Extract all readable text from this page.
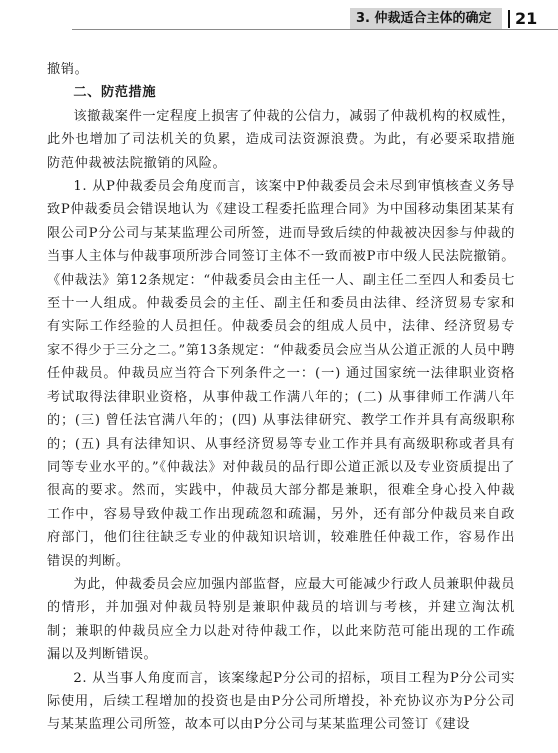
3. 仲裁适合主体的确定	21

撤销。

二、防范措施

该撤裁案件一定程度上损害了仲裁的公信力，减弱了仲裁机构的权威性，此外也增加了司法机关的负累，造成司法资源浪费。为此，有必要采取措施防范仲裁被法院撤销的风险。

1. 从P仲裁委员会角度而言，该案中P仲裁委员会未尽到审慎核查义务导致P仲裁委员会错误地认为《建设工程委托监理合同》为中国移动集团某某有限公司P分公司与某某监理公司所签，进而导致后续的仲裁被决因参与仲裁的当事人主体与仲裁事项所涉合同签订主体不一致而被P市中级人民法院撤销。《仲裁法》第12条规定：“仲裁委员会由主任一人、副主任二至四人和委员七至十一人组成。仲裁委员会的主任、副主任和委员由法律、经济贸易专家和有实际工作经验的人员担任。仲裁委员会的组成人员中，法律、经济贸易专家不得少于三分之二。”第13条规定：“仲裁委员会应当从公道正派的人员中聘任仲裁员。仲裁员应当符合下列条件之一：(一) 通过国家统一法律职业资格考试取得法律职业资格，从事仲裁工作满八年的；(二) 从事律师工作满八年的；(三) 曾任法官满八年的；(四) 从事法律研究、教学工作并具有高级职称的；(五) 具有法律知识、从事经济贸易等专业工作并具有高级职称或者具有同等专业水平的。”《仲裁法》对仲裁员的品行即公道正派以及专业资质提出了很高的要求。然而，实践中，仲裁员大部分都是兼职，很难全身心投入仲裁工作中，容易导致仲裁工作出现疏忽和疏漏，另外，还有部分仲裁员来自政府部门，他们往往缺乏专业的仲裁知识培训，较难胜任仲裁工作，容易作出错误的判断。

为此，仲裁委员会应加强内部监督，应最大可能减少行政人员兼职仲裁员的情形，并加强对仲裁员特别是兼职仲裁员的培训与考核，并建立淘汰机制；兼职的仲裁员应全力以赴对待仲裁工作，以此来防范可能出现的工作疏漏以及判断错误。

2. 从当事人角度而言，该案缘起P分公司的招标，项目工程为P分公司实际使用，后续工程增加的投资也是由P分公司所增投，补充协议亦为P分公司与某某监理公司所签，故本可以由P分公司与某某监理公司签订《建设
